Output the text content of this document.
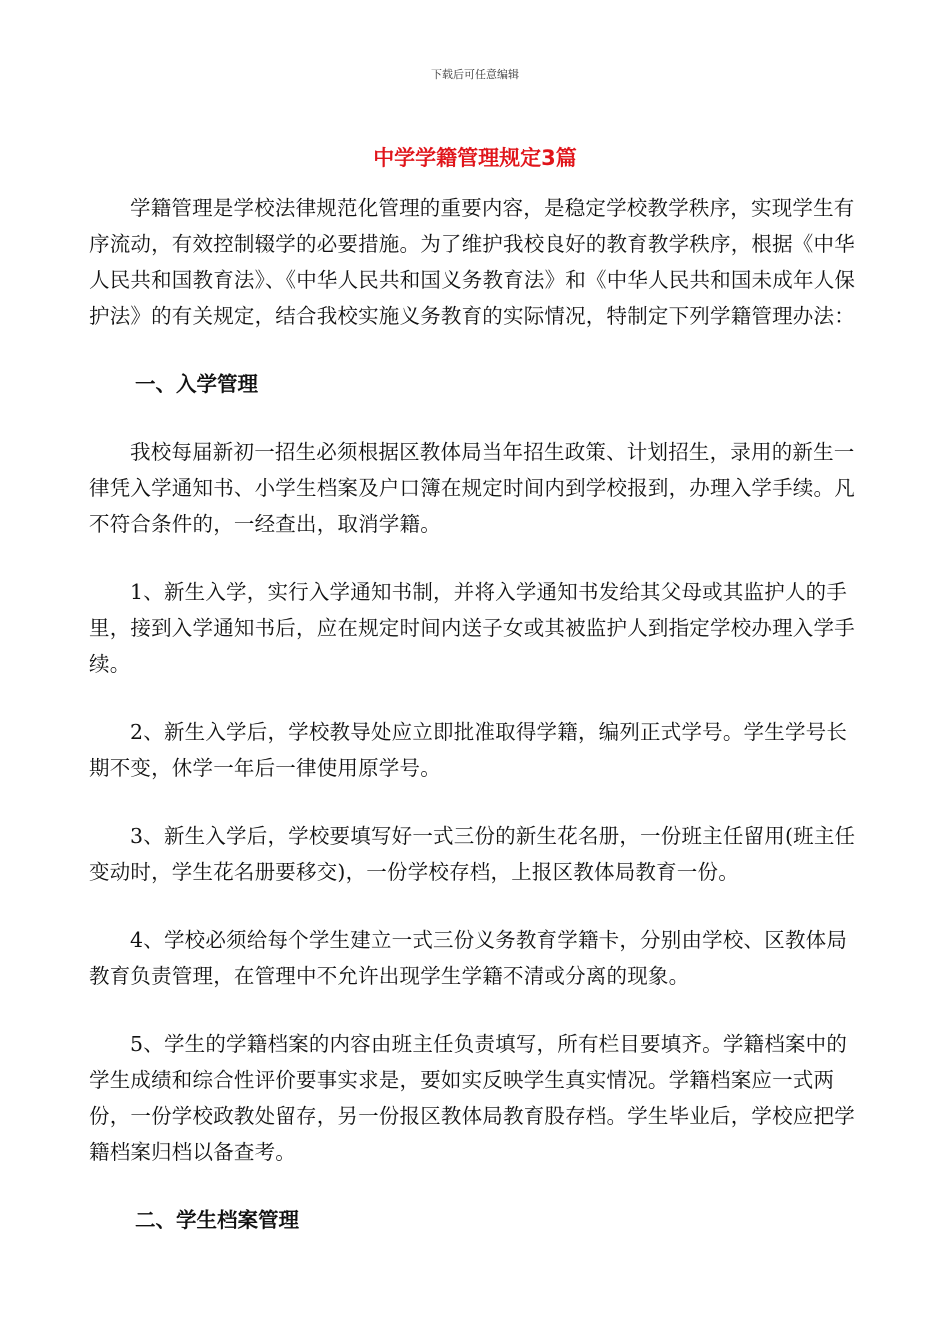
下载后可任意编辑
中学学籍管理规定3篇

学籍管理是学校法律规范化管理的重要内容，是稳定学校教学秩序，实现学生有序流动，有效控制辍学的必要措施。为了维护我校良好的教育教学秩序，根据《中华人民共和国教育法》、《中华人民共和国义务教育法》和《中华人民共和国未成年人保护法》的有关规定，结合我校实施义务教育的实际情况，特制定下列学籍管理办法：

一、入学管理

我校每届新初一招生必须根据区教体局当年招生政策、计划招生，录用的新生一律凭入学通知书、小学生档案及户口簿在规定时间内到学校报到，办理入学手续。凡不符合条件的，一经查出，取消学籍。

1、新生入学，实行入学通知书制，并将入学通知书发给其父母或其监护人的手里，接到入学通知书后，应在规定时间内送子女或其被监护人到指定学校办理入学手续。

2、新生入学后，学校教导处应立即批准取得学籍，编列正式学号。学生学号长期不变，休学一年后一律使用原学号。

3、新生入学后，学校要填写好一式三份的新生花名册，一份班主任留用(班主任变动时，学生花名册要移交)，一份学校存档，上报区教体局教育一份。

4、学校必须给每个学生建立一式三份义务教育学籍卡，分别由学校、区教体局教育负责管理，在管理中不允许出现学生学籍不清或分离的现象。

5、学生的学籍档案的内容由班主任负责填写，所有栏目要填齐。学籍档案中的学生成绩和综合性评价要事实求是，要如实反映学生真实情况。学籍档案应一式两份，一份学校政教处留存，另一份报区教体局教育股存档。学生毕业后，学校应把学籍档案归档以备查考。

二、学生档案管理
